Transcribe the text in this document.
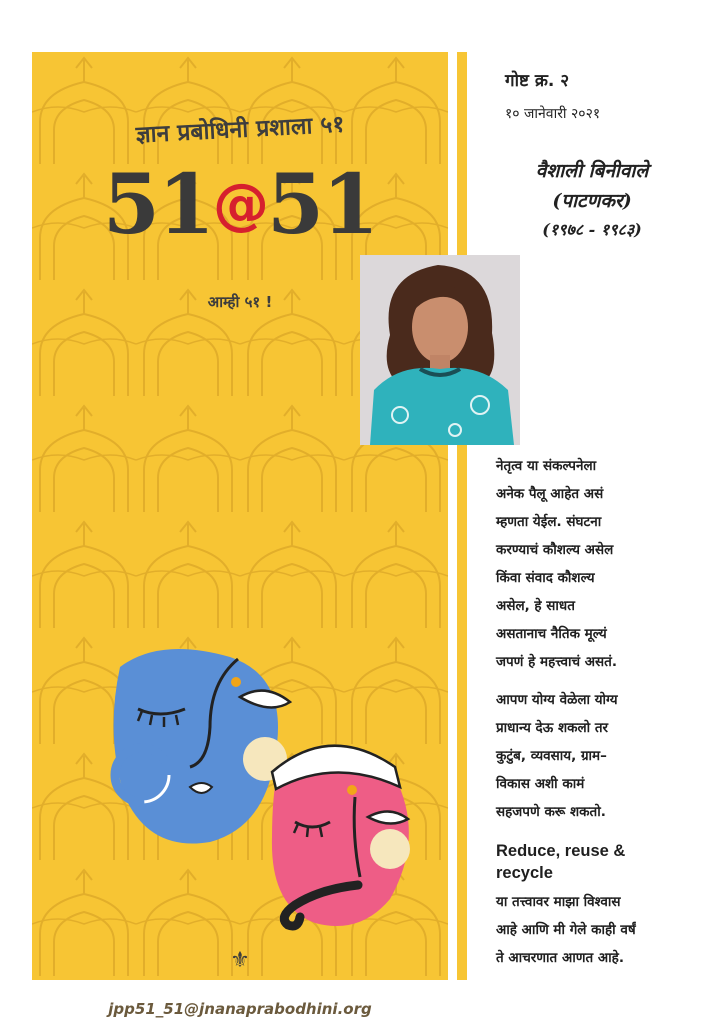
ज्ञान प्रबोधिनी प्रशाला ५१
51@51
आम्ही ५१ !
⚜
jpp51_51@jnanaprabodhini.org
गोष्ट क्र. २
१० जानेवारी २०२१
वैशाली बिनीवाले
(पाटणकर)
(१९७८ - १९८३)
नेतृत्व या संकल्पनेला
अनेक पैलू आहेत असं
म्हणता येईल. संघटना
करण्याचं कौशल्य असेल
किंवा संवाद कौशल्य
असेल, हे साधत
असतानाच नैतिक मूल्यं
जपणं हे महत्त्वाचं असतं.
आपण योग्य वेळेला योग्य
प्राधान्य देऊ शकलो तर
कुटुंब, व्यवसाय, ग्राम–
विकास अशी कामं
सहजपणे करू शकतो.
Reduce, reuse &
recycle
या तत्त्वावर माझा विश्वास
आहे आणि मी गेले काही वर्षं
ते आचरणात आणत आहे.
